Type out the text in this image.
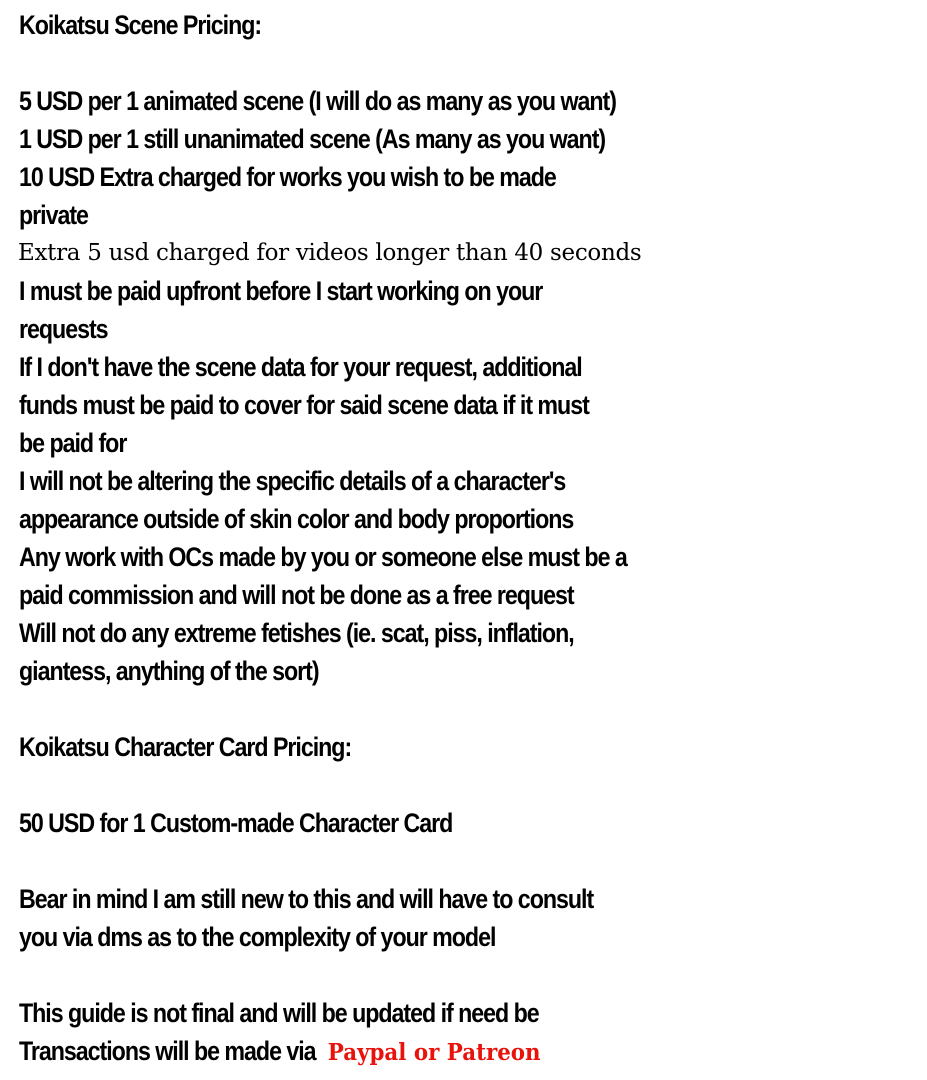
Koikatsu Scene Pricing:
5 USD per 1 animated scene (I will do as many as you want)
1 USD per 1 still unanimated scene (As many as you want)
10 USD Extra charged for works you wish to be made
private
Extra 5 usd charged for videos longer than 40 seconds
I must be paid upfront before I start working on your
requests
If I don't have the scene data for your request, additional
funds must be paid to cover for said scene data if it must
be paid for
I will not be altering the specific details of a character's
appearance outside of skin color and body proportions
Any work with OCs made by you or someone else must be a
paid commission and will not be done as a free request
Will not do any extreme fetishes (ie. scat, piss, inflation,
giantess, anything of the sort)
Koikatsu Character Card Pricing:
50 USD for 1 Custom-made Character Card
Bear in mind I am still new to this and will have to consult
you via dms as to the complexity of your model
This guide is not final and will be updated if need be
Transactions will be made via Paypal or Patreon
